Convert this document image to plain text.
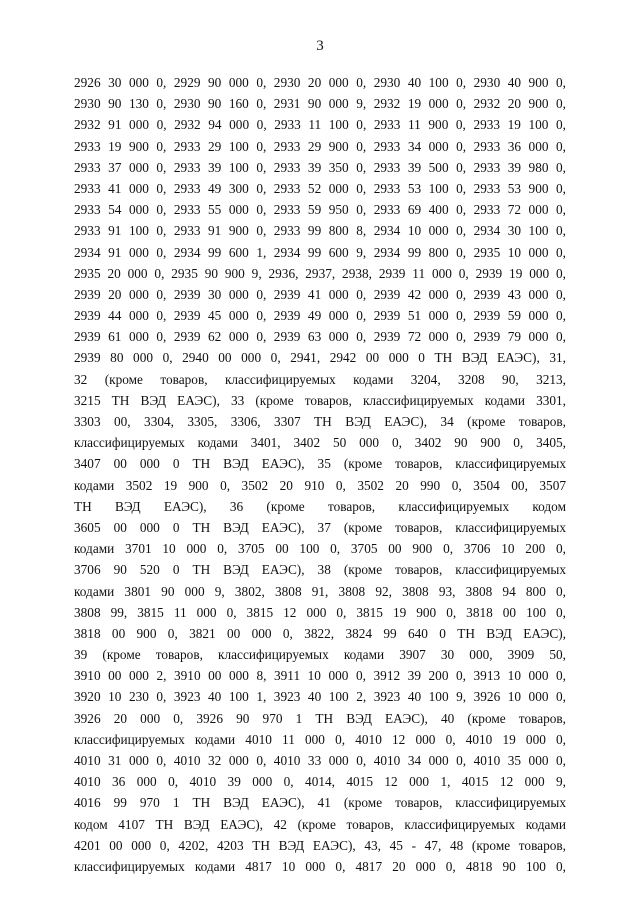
3
2926 30 000 0, 2929 90 000 0, 2930 20 000 0, 2930 40 100 0, 2930 40 900 0,
2930 90 130 0, 2930 90 160 0, 2931 90 000 9, 2932 19 000 0, 2932 20 900 0,
2932 91 000 0, 2932 94 000 0, 2933 11 100 0, 2933 11 900 0, 2933 19 100 0,
2933 19 900 0, 2933 29 100 0, 2933 29 900 0, 2933 34 000 0, 2933 36 000 0,
2933 37 000 0, 2933 39 100 0, 2933 39 350 0, 2933 39 500 0, 2933 39 980 0,
2933 41 000 0, 2933 49 300 0, 2933 52 000 0, 2933 53 100 0, 2933 53 900 0,
2933 54 000 0, 2933 55 000 0, 2933 59 950 0, 2933 69 400 0, 2933 72 000 0,
2933 91 100 0, 2933 91 900 0, 2933 99 800 8, 2934 10 000 0, 2934 30 100 0,
2934 91 000 0, 2934 99 600 1, 2934 99 600 9, 2934 99 800 0, 2935 10 000 0,
2935 20 000 0, 2935 90 900 9, 2936, 2937, 2938, 2939 11 000 0, 2939 19 000 0,
2939 20 000 0, 2939 30 000 0, 2939 41 000 0, 2939 42 000 0, 2939 43 000 0,
2939 44 000 0, 2939 45 000 0, 2939 49 000 0, 2939 51 000 0, 2939 59 000 0,
2939 61 000 0, 2939 62 000 0, 2939 63 000 0, 2939 72 000 0, 2939 79 000 0,
2939 80 000 0, 2940 00 000 0, 2941, 2942 00 000 0 ТН ВЭД ЕАЭС), 31,
32 (кроме товаров, классифицируемых кодами 3204, 3208 90, 3213,
3215 ТН ВЭД ЕАЭС), 33 (кроме товаров, классифицируемых кодами 3301,
3303 00, 3304, 3305, 3306, 3307 ТН ВЭД ЕАЭС), 34 (кроме товаров,
классифицируемых кодами 3401, 3402 50 000 0, 3402 90 900 0, 3405,
3407 00 000 0 ТН ВЭД ЕАЭС), 35 (кроме товаров, классифицируемых
кодами 3502 19 900 0, 3502 20 910 0, 3502 20 990 0, 3504 00, 3507
ТН ВЭД ЕАЭС), 36 (кроме товаров, классифицируемых кодом
3605 00 000 0 ТН ВЭД ЕАЭС), 37 (кроме товаров, классифицируемых
кодами 3701 10 000 0, 3705 00 100 0, 3705 00 900 0, 3706 10 200 0,
3706 90 520 0 ТН ВЭД ЕАЭС), 38 (кроме товаров, классифицируемых
кодами 3801 90 000 9, 3802, 3808 91, 3808 92, 3808 93, 3808 94 800 0,
3808 99, 3815 11 000 0, 3815 12 000 0, 3815 19 900 0, 3818 00 100 0,
3818 00 900 0, 3821 00 000 0, 3822, 3824 99 640 0 ТН ВЭД ЕАЭС),
39 (кроме товаров, классифицируемых кодами 3907 30 000, 3909 50,
3910 00 000 2, 3910 00 000 8, 3911 10 000 0, 3912 39 200 0, 3913 10 000 0,
3920 10 230 0, 3923 40 100 1, 3923 40 100 2, 3923 40 100 9, 3926 10 000 0,
3926 20 000 0, 3926 90 970 1 ТН ВЭД ЕАЭС), 40 (кроме товаров,
классифицируемых кодами 4010 11 000 0, 4010 12 000 0, 4010 19 000 0,
4010 31 000 0, 4010 32 000 0, 4010 33 000 0, 4010 34 000 0, 4010 35 000 0,
4010 36 000 0, 4010 39 000 0, 4014, 4015 12 000 1, 4015 12 000 9,
4016 99 970 1 ТН ВЭД ЕАЭС), 41 (кроме товаров, классифицируемых
кодом 4107 ТН ВЭД ЕАЭС), 42 (кроме товаров, классифицируемых кодами
4201 00 000 0, 4202, 4203 ТН ВЭД ЕАЭС), 43, 45 - 47, 48 (кроме товаров,
классифицируемых кодами 4817 10 000 0, 4817 20 000 0, 4818 90 100 0,
